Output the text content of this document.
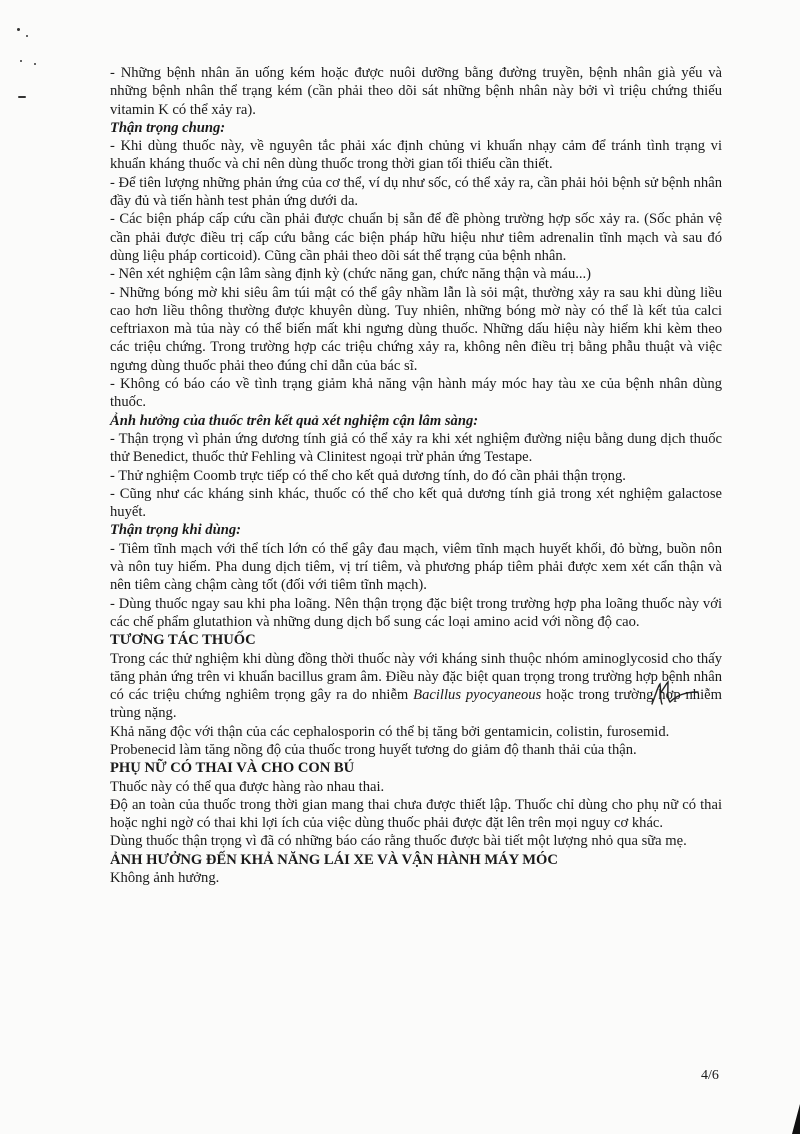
- Những bệnh nhân ăn uống kém hoặc được nuôi dưỡng bằng đường truyền, bệnh nhân già yếu và những bệnh nhân thể trạng kém (cần phải theo dõi sát những bệnh nhân này bởi vì triệu chứng thiếu vitamin K có thể xảy ra).
Thận trọng chung:
- Khi dùng thuốc này, về nguyên tắc phải xác định chủng vi khuẩn nhạy cảm để tránh tình trạng vi khuẩn kháng thuốc và chỉ nên dùng thuốc trong thời gian tối thiểu cần thiết.
- Để tiên lượng những phản ứng của cơ thể, ví dụ như sốc, có thể xảy ra, cần phải hỏi bệnh sử bệnh nhân đầy đủ và tiến hành test phản ứng dưới da.
- Các biện pháp cấp cứu cần phải được chuẩn bị sẵn để đề phòng trường hợp sốc xảy ra. (Sốc phản vệ cần phải được điều trị cấp cứu bằng các biện pháp hữu hiệu như tiêm adrenalin tĩnh mạch và sau đó dùng liệu pháp corticoid). Cũng cần phải theo dõi sát thể trạng của bệnh nhân.
- Nên xét nghiệm cận lâm sàng định kỳ (chức năng gan, chức năng thận và máu...)
- Những bóng mờ khi siêu âm túi mật có thể gây nhầm lẫn là sỏi mật, thường xảy ra sau khi dùng liều cao hơn liều thông thường được khuyên dùng. Tuy nhiên, những bóng mờ này có thể là kết tủa calci ceftriaxon mà tủa này có thể biến mất khi ngưng dùng thuốc. Những dấu hiệu này hiếm khi kèm theo các triệu chứng. Trong trường hợp các triệu chứng xảy ra, không nên điều trị bằng phẫu thuật và việc ngưng dùng thuốc phải theo đúng chỉ dẫn của bác sĩ.
- Không có báo cáo về tình trạng giảm khả năng vận hành máy móc hay tàu xe của bệnh nhân dùng thuốc.
Ảnh hưởng của thuốc trên kết quả xét nghiệm cận lâm sàng:
- Thận trọng vì phản ứng dương tính giả có thể xảy ra khi xét nghiệm đường niệu bằng dung dịch thuốc thử Benedict, thuốc thử Fehling và Clinitest ngoại trừ phản ứng Testape.
- Thử nghiệm Coomb trực tiếp có thể cho kết quả dương tính, do đó cần phải thận trọng.
- Cũng như các kháng sinh khác, thuốc có thể cho kết quả dương tính giả trong xét nghiệm galactose huyết.
Thận trọng khi dùng:
- Tiêm tĩnh mạch với thể tích lớn có thể gây đau mạch, viêm tĩnh mạch huyết khối, đỏ bừng, buồn nôn và nôn tuy hiếm. Pha dung dịch tiêm, vị trí tiêm, và phương pháp tiêm phải được xem xét cẩn thận và nên tiêm càng chậm càng tốt (đối với tiêm tĩnh mạch).
- Dùng thuốc ngay sau khi pha loãng. Nên thận trọng đặc biệt trong trường hợp pha loãng thuốc này với các chế phẩm glutathion và những dung dịch bổ sung các loại amino acid với nồng độ cao.
TƯƠNG TÁC THUỐC
Trong các thử nghiệm khi dùng đồng thời thuốc này với kháng sinh thuộc nhóm aminoglycosid cho thấy tăng phản ứng trên vi khuẩn bacillus gram âm. Điều này đặc biệt quan trọng trong trường hợp bệnh nhân có các triệu chứng nghiêm trọng gây ra do nhiễm Bacillus pyocyaneous hoặc trong trường hợp nhiễm trùng nặng.
Khả năng độc với thận của các cephalosporin có thể bị tăng bởi gentamicin, colistin, furosemid.
Probenecid làm tăng nồng độ của thuốc trong huyết tương do giảm độ thanh thải của thận.
PHỤ NỮ CÓ THAI VÀ CHO CON BÚ
Thuốc này có thể qua được hàng rào nhau thai.
Độ an toàn của thuốc trong thời gian mang thai chưa được thiết lập. Thuốc chỉ dùng cho phụ nữ có thai hoặc nghi ngờ có thai khi lợi ích của việc dùng thuốc phải được đặt lên trên mọi nguy cơ khác.
Dùng thuốc thận trọng vì đã có những báo cáo rằng thuốc được bài tiết một lượng nhỏ qua sữa mẹ.
ẢNH HƯỞNG ĐẾN KHẢ NĂNG LÁI XE VÀ VẬN HÀNH MÁY MÓC
Không ảnh hưởng.
4/6
